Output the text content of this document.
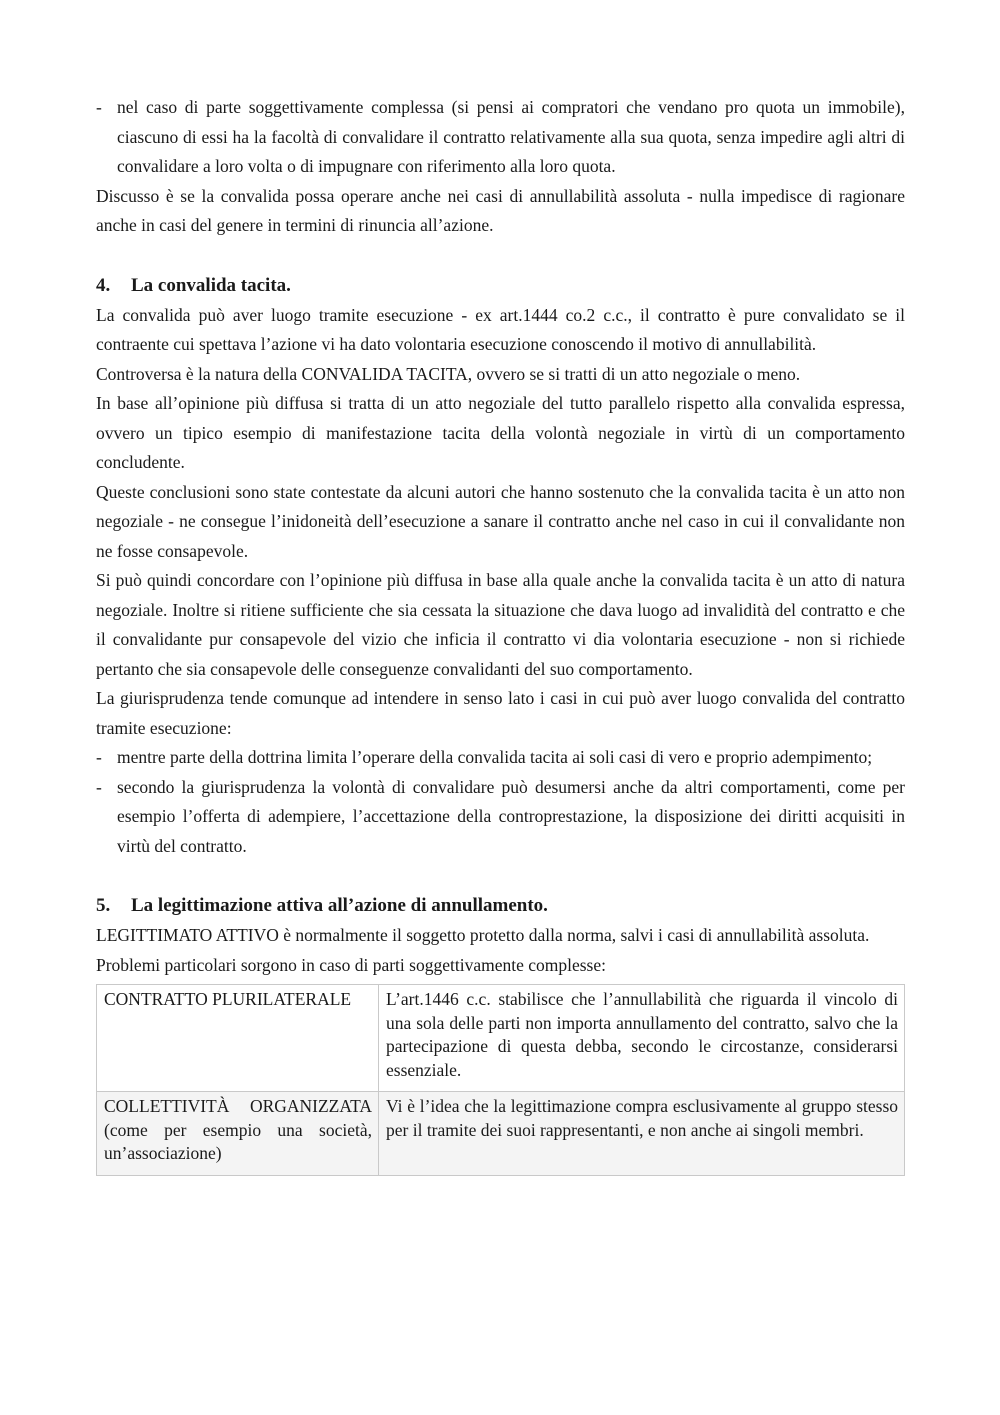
- nel caso di parte soggettivamente complessa (si pensi ai compratori che vendano pro quota un immobile), ciascuno di essi ha la facoltà di convalidare il contratto relativamente alla sua quota, senza impedire agli altri di convalidare a loro volta o di impugnare con riferimento alla loro quota.

Discusso è se la convalida possa operare anche nei casi di annullabilità assoluta - nulla impedisce di ragionare anche in casi del genere in termini di rinuncia all’azione.

4. La convalida tacita.

La convalida può aver luogo tramite esecuzione - ex art.1444 co.2 c.c., il contratto è pure convalidato se il contraente cui spettava l’azione vi ha dato volontaria esecuzione conoscendo il motivo di annullabilità.

Controversa è la natura della CONVALIDA TACITA, ovvero se si tratti di un atto negoziale o meno.

In base all’opinione più diffusa si tratta di un atto negoziale del tutto parallelo rispetto alla convalida espressa, ovvero un tipico esempio di manifestazione tacita della volontà negoziale in virtù di un comportamento concludente.

Queste conclusioni sono state contestate da alcuni autori che hanno sostenuto che la convalida tacita è un atto non negoziale - ne consegue l’inidoneità dell’esecuzione a sanare il contratto anche nel caso in cui il convalidante non ne fosse consapevole.

Si può quindi concordare con l’opinione più diffusa in base alla quale anche la convalida tacita è un atto di natura negoziale. Inoltre si ritiene sufficiente che sia cessata la situazione che dava luogo ad invalidità del contratto e che il convalidante pur consapevole del vizio che inficia il contratto vi dia volontaria esecuzione - non si richiede pertanto che sia consapevole delle conseguenze convalidanti del suo comportamento.

La giurisprudenza tende comunque ad intendere in senso lato i casi in cui può aver luogo convalida del contratto tramite esecuzione:

- mentre parte della dottrina limita l’operare della convalida tacita ai soli casi di vero e proprio adempimento;
- secondo la giurisprudenza la volontà di convalidare può desumersi anche da altri comportamenti, come per esempio l’offerta di adempiere, l’accettazione della controprestazione, la disposizione dei diritti acquisiti in virtù del contratto.
5. La legittimazione attiva all’azione di annullamento.

LEGITTIMATO ATTIVO è normalmente il soggetto protetto dalla norma, salvi i casi di annullabilità assoluta.

Problemi particolari sorgono in caso di parti soggettivamente complesse:

CONTRATTO PLURILATERALE	L’art.1446 c.c. stabilisce che l’annullabilità che riguarda il vincolo di una sola delle parti non importa annullamento del contratto, salvo che la partecipazione di questa debba, secondo le circostanze, considerarsi essenziale.
COLLETTIVITÀ ORGANIZZATA (come per esempio una società, un’associazione)	Vi è l’idea che la legittimazione compra esclusivamente al gruppo stesso per il tramite dei suoi rappresentanti, e non anche ai singoli membri.
